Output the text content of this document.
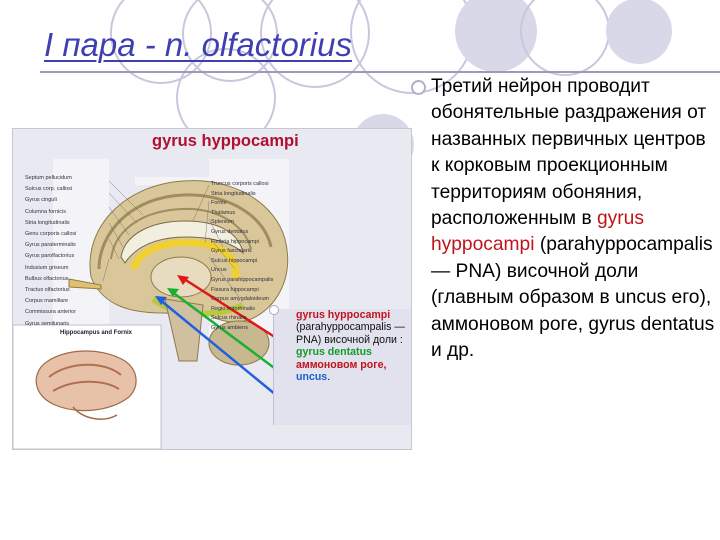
I пара - n. olfactorius
Третий нейрон проводит обонятельные раздражения от названных первичных центров к корковым проекционным территориям обоняния, расположенным в gyrus hyppocampi (parahyppocampalis — PNA) височной доли (главным образом в uncus его), аммоновом роге, gyrus dentatus и др.
gyrus hyppocampi
Hippocampus and Fornix
Septum pellucidum
Sulcus corp. callosi
Gyrus cinguli
Columna fornicis
Stria longitudinalis
Genu corporis callosi
Gyrus paraterminalis
Gyrus parolfactorius
Indusium griseum
Bulbus olfactorius
Tractus olfactorius
Corpus mamillare
Commissura anterior
Gyrus semilunaris
Truncus corporis callosi
Stria longitudinalis
Fornix
Thalamus
Splenium
Gyrus dentatus
Fimbria hippocampi
Gyrus fasciolaris
Sulcus hippocampi
Uncus
Gyrus parahippocampalis
Fissura hippocampi
Corpus amygdaloideum
Regio entorhinalis
Sulcus rhinalis
Gyrus ambiens
gyrus hyppocampi
(parahyppocampalis — PNA) височной доли :
gyrus dentatus
аммоновом роге,
uncus.
